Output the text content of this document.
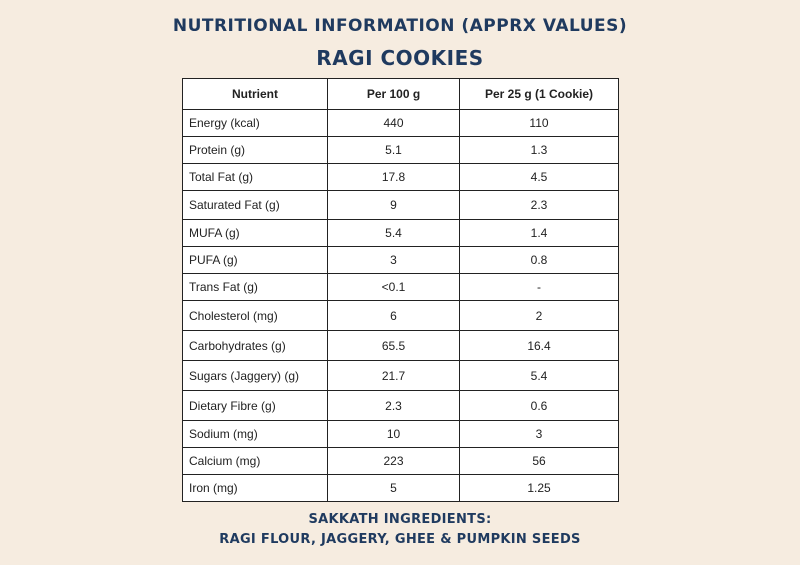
NUTRITIONAL INFORMATION (APPRX VALUES)
RAGI COOKIES
Nutrient	Per 100 g	Per 25 g (1 Cookie)
Energy (kcal)	440	110
Protein (g)	5.1	1.3
Total Fat (g)	17.8	4.5
Saturated Fat (g)	9	2.3
MUFA (g)	5.4	1.4
PUFA (g)	3	0.8
Trans Fat (g)	<0.1	-
Cholesterol (mg)	6	2
Carbohydrates (g)	65.5	16.4
Sugars (Jaggery) (g)	21.7	5.4
Dietary Fibre (g)	2.3	0.6
Sodium (mg)	10	3
Calcium (mg)	223	56
Iron (mg)	5	1.25
SAKKATH INGREDIENTS:
RAGI FLOUR, JAGGERY, GHEE & PUMPKIN SEEDS
